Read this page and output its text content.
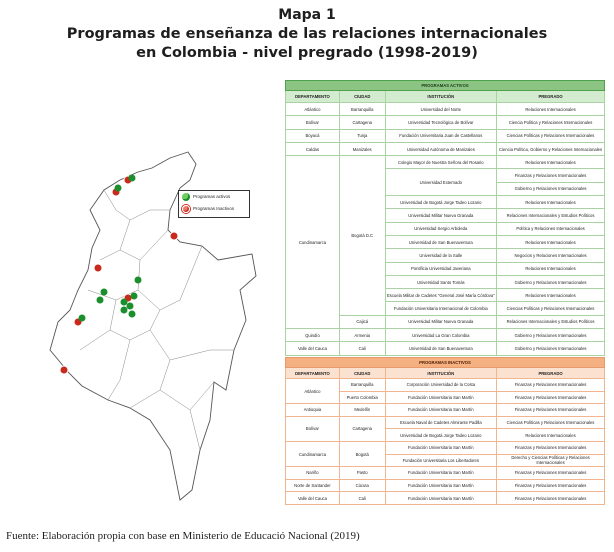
Mapa 1
Programas de enseñanza de las relaciones internacionales
en Colombia - nivel pregrado (1998-2019)
Programas activos
Programas Inactivos
PROGRAMAS ACTIVOS			
DEPARTAMENTO	CIUDAD	INSTITUCIÓN	PREGRADO
Atlántico	Barranquilla	Universidad del Norte	Relaciones Internacionales
Bolívar	Cartagena	Universidad Tecnológica de Bolívar	Ciencia Política y Relaciones Internacionales
Boyacá	Tunja	Fundación Universitaria Juan de Castellanos	Ciencias Políticas y Relaciones Internacionales
Caldas	Manizales	Universidad Autónoma de Manizales	Ciencia Política, Gobierno y Relaciones Internacionales
Cundinamarca	Bogotá D.C	Colegio Mayor de Nuestra Señora del Rosario	Relaciones Internacionales
		Universidad Externado	Finanzas y Relaciones Internacionales
			Gobierno y Relaciones Internacionales
		Universidad de Bogotá Jorge Tadeo Lozano	Relaciones Internacionales
		Universidad Militar Nueva Granada	Relaciones Internacionales y Estudios Políticos
		Universidad Sergio Arboleda	Política y Relaciones Internacionales
		Universidad de San Buenaventura	Relaciones Internacionales
		Universidad de la Salle	Negocios y Relaciones Internacionales
		Pontificia Universidad Javeriana	Relaciones Internacionales
		Universidad Santo Tomás	Gobierno y Relaciones Internacionales
		Escuela Militar de Cadetes "General José María Córdova"	Relaciones Internacionales
		Fundación Universitaria Internacional de Colombia	Ciencias Políticas y Relaciones Internacionales
	Cajicá	Universidad Militar Nueva Granada	Relaciones Internacionales y Estudios Políticos
Quindío	Armenia	Universidad La Gran Colombia	Gobierno y Relaciones Internacionales
Valle del Cauca	Cali	Universidad de San Buenaventura	Gobierno y Relaciones Internacionales
PROGRAMAS INACTIVOS			
DEPARTAMENTO	CIUDAD	INSTITUCIÓN	PREGRADO
Atlántico	Barranquilla	Corporación Universidad de la Costa	Finanzas y Relaciones Internacionales
	Puerto Colombia	Fundación Universitaria San Martín	Finanzas y Relaciones Internacionales
Antioquia	Medellín	Fundación Universitaria San Martín	Finanzas y Relaciones Internacionales
Bolívar	Cartagena	Escuela Naval de Cadetes Almirante Padilla	Ciencias Políticas y Relaciones Internacionales
		Universidad de Bogotá Jorge Tadeo Lozano	Relaciones Internacionales
Cundinamarca	Bogotá	Fundación Universitaria San Martín	Finanzas y Relaciones Internacionales
		Fundación Universitaria Los Libertadores	Derecho y Ciencias Políticas y Relaciones Internacionales
Nariño	Pasto	Fundación Universitaria San Martín	Finanzas y Relaciones Internacionales
Norte de Santander	Cúcuta	Fundación Universitaria San Martín	Finanzas y Relaciones Internacionales
Valle del Cauca	Cali	Fundación Universitaria San Martín	Finanzas y Relaciones Internacionales
Fuente: Elaboración propia con base en Ministerio de Educació Nacional (2019)
